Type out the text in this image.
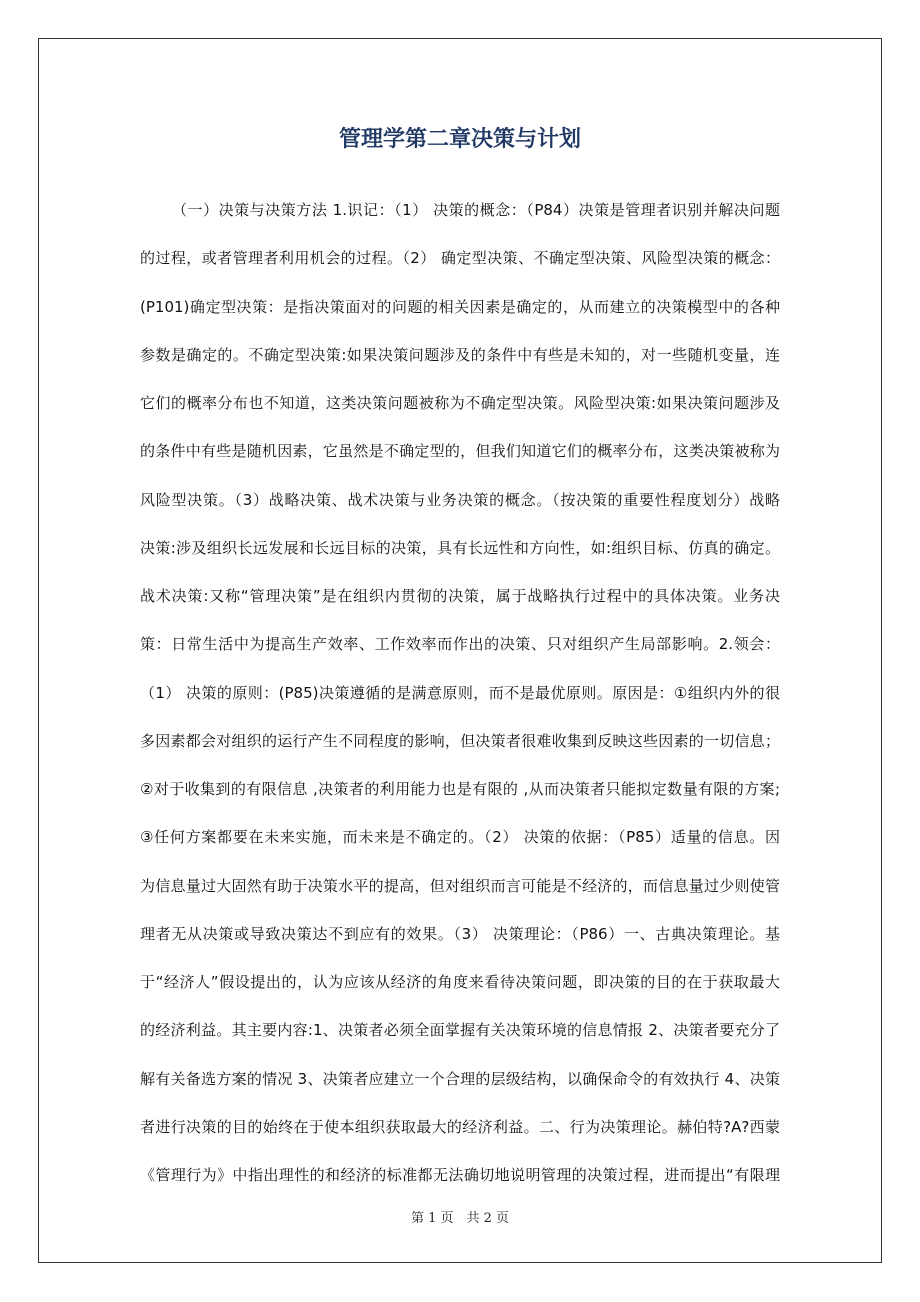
管理学第二章决策与计划
（一）决策与决策方法 1.识记：（1） 决策的概念：（P84）决策是管理者识别并解决问题
的过程，或者管理者利用机会的过程。（2） 确定型决策、不确定型决策、风险型决策的概念：
(P101)确定型决策：是指决策面对的问题的相关因素是确定的，从而建立的决策模型中的各种
参数是确定的。不确定型决策:如果决策问题涉及的条件中有些是未知的，对一些随机变量，连
它们的概率分布也不知道，这类决策问题被称为不确定型决策。风险型决策:如果决策问题涉及
的条件中有些是随机因素，它虽然是不确定型的，但我们知道它们的概率分布，这类决策被称为
风险型决策。（3）战略决策、战术决策与业务决策的概念。（按决策的重要性程度划分）战略
决策:涉及组织长远发展和长远目标的决策，具有长远性和方向性，如:组织目标、仿真的确定。
战术决策:又称“管理决策”是在组织内贯彻的决策，属于战略执行过程中的具体决策。业务决
策：日常生活中为提高生产效率、工作效率而作出的决策、只对组织产生局部影响。2.领会：
（1） 决策的原则：(P85)决策遵循的是满意原则，而不是最优原则。原因是：①组织内外的很
多因素都会对组织的运行产生不同程度的影响，但决策者很难收集到反映这些因素的一切信息；
②对于收集到的有限信息 ,决策者的利用能力也是有限的 ,从而决策者只能拟定数量有限的方案;
③任何方案都要在未来实施，而未来是不确定的。（2） 决策的依据：（P85）适量的信息。因
为信息量过大固然有助于决策水平的提高，但对组织而言可能是不经济的，而信息量过少则使管
理者无从决策或导致决策达不到应有的效果。（3） 决策理论：（P86）一、古典决策理论。基
于“经济人”假设提出的，认为应该从经济的角度来看待决策问题，即决策的目的在于获取最大
的经济利益。其主要内容:1、决策者必须全面掌握有关决策环境的信息情报 2、决策者要充分了
解有关备选方案的情况 3、决策者应建立一个合理的层级结构，以确保命令的有效执行 4、决策
者进行决策的目的始终在于使本组织获取最大的经济利益。二、行为决策理论。赫伯特?A?西蒙
《管理行为》中指出理性的和经济的标准都无法确切地说明管理的决策过程，进而提出“有限理
第 1 页　共 2 页
